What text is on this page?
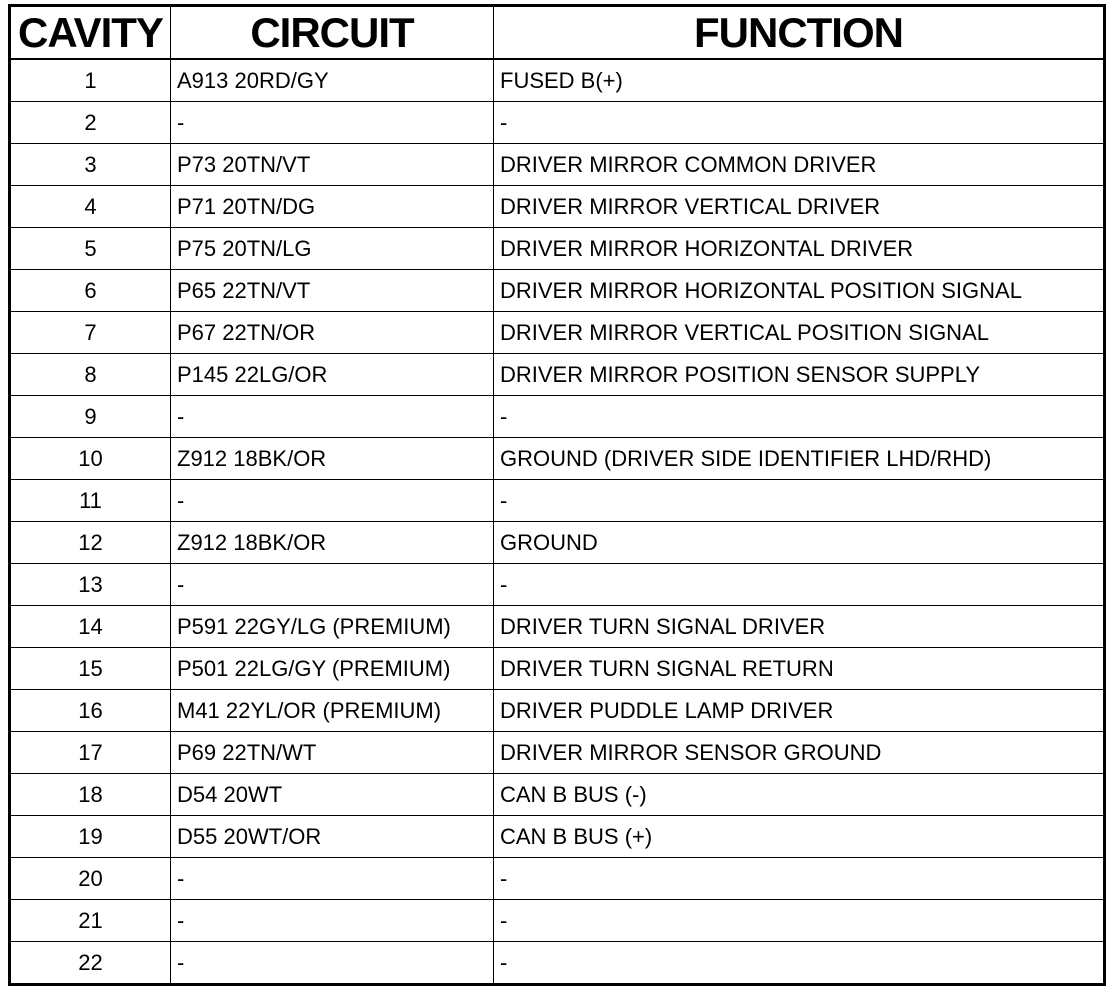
CAVITY	CIRCUIT	FUNCTION
1	A913 20RD/GY	FUSED B(+)
2	-	-
3	P73 20TN/VT	DRIVER MIRROR COMMON DRIVER
4	P71 20TN/DG	DRIVER MIRROR VERTICAL DRIVER
5	P75 20TN/LG	DRIVER MIRROR HORIZONTAL DRIVER
6	P65 22TN/VT	DRIVER MIRROR HORIZONTAL POSITION SIGNAL
7	P67 22TN/OR	DRIVER MIRROR VERTICAL POSITION SIGNAL
8	P145 22LG/OR	DRIVER MIRROR POSITION SENSOR SUPPLY
9	-	-
10	Z912 18BK/OR	GROUND (DRIVER SIDE IDENTIFIER LHD/RHD)
11	-	-
12	Z912 18BK/OR	GROUND
13	-	-
14	P591 22GY/LG (PREMIUM)	DRIVER TURN SIGNAL DRIVER
15	P501 22LG/GY (PREMIUM)	DRIVER TURN SIGNAL RETURN
16	M41 22YL/OR (PREMIUM)	DRIVER PUDDLE LAMP DRIVER
17	P69 22TN/WT	DRIVER MIRROR SENSOR GROUND
18	D54 20WT	CAN B BUS (-)
19	D55 20WT/OR	CAN B BUS (+)
20	-	-
21	-	-
22	-	-
